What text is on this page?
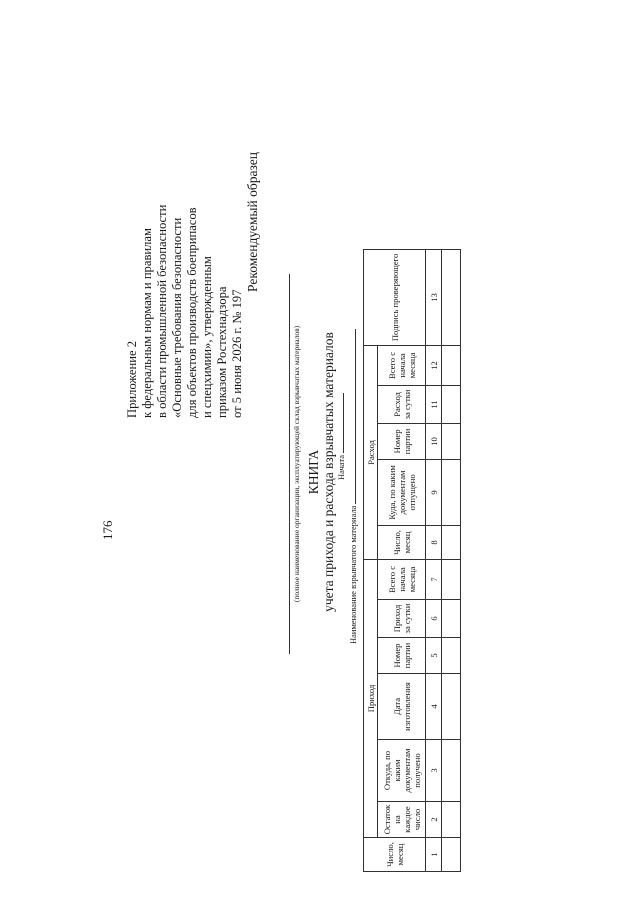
176
Приложение 2 к федеральным нормам и правилам в области промышленной безопасности «Основные требования безопасности для объектов производств боеприпасов и спецхимии», утвержденным приказом Ростехнадзора от 5 июня 2026 г. № 197
Рекомендуемый образец
(полное наименование организации, эксплуатирующей склад взрывчатых материалов) КНИГА учета прихода и расхода взрывчатых материалов Начата
Наименование взрывчатого материала
Число, месяц	Приход						Расход					Подпись проверяющего
	Остаток на каждое число	Откуда, по каким документам получено	Дата изготовления	Номер партии	Приход за сутки	Всего с начала месяца	Число, месяц	Куда, по каким документам отпущено	Номер партии	Расход за сутки	Всего с начала месяца	
1	2	3	4	5	6	7	8	9	10	11	12	13
